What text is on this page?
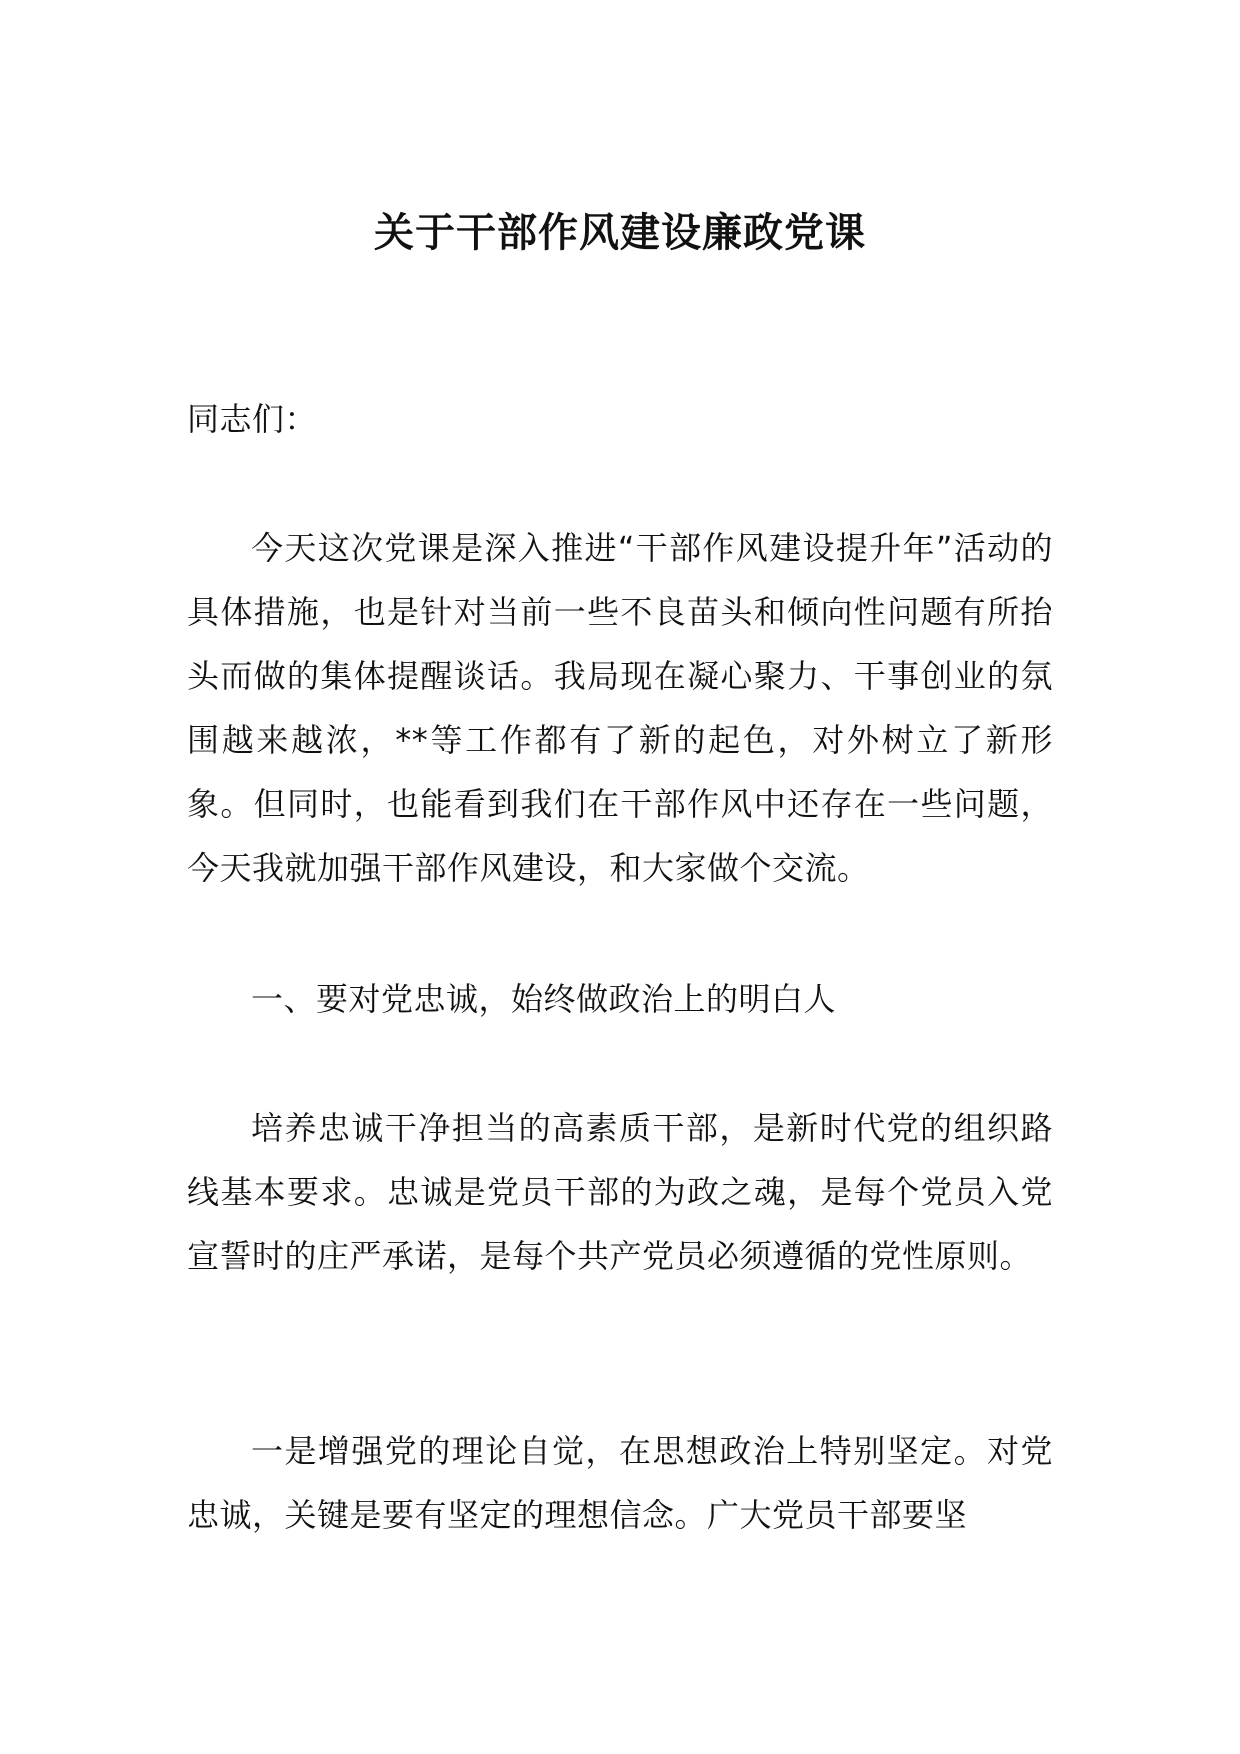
关于干部作风建设廉政党课

同志们：

今天这次党课是深入推进“干部作风建设提升年”活动的具体措施，也是针对当前一些不良苗头和倾向性问题有所抬头而做的集体提醒谈话。我局现在凝心聚力、干事创业的氛围越来越浓，**等工作都有了新的起色，对外树立了新形象。但同时，也能看到我们在干部作风中还存在一些问题，今天我就加强干部作风建设，和大家做个交流。

一、要对党忠诚，始终做政治上的明白人

培养忠诚干净担当的高素质干部，是新时代党的组织路线基本要求。忠诚是党员干部的为政之魂，是每个党员入党宣誓时的庄严承诺，是每个共产党员必须遵循的党性原则。

一是增强党的理论自觉，在思想政治上特别坚定。对党忠诚，关键是要有坚定的理想信念。广大党员干部要坚
